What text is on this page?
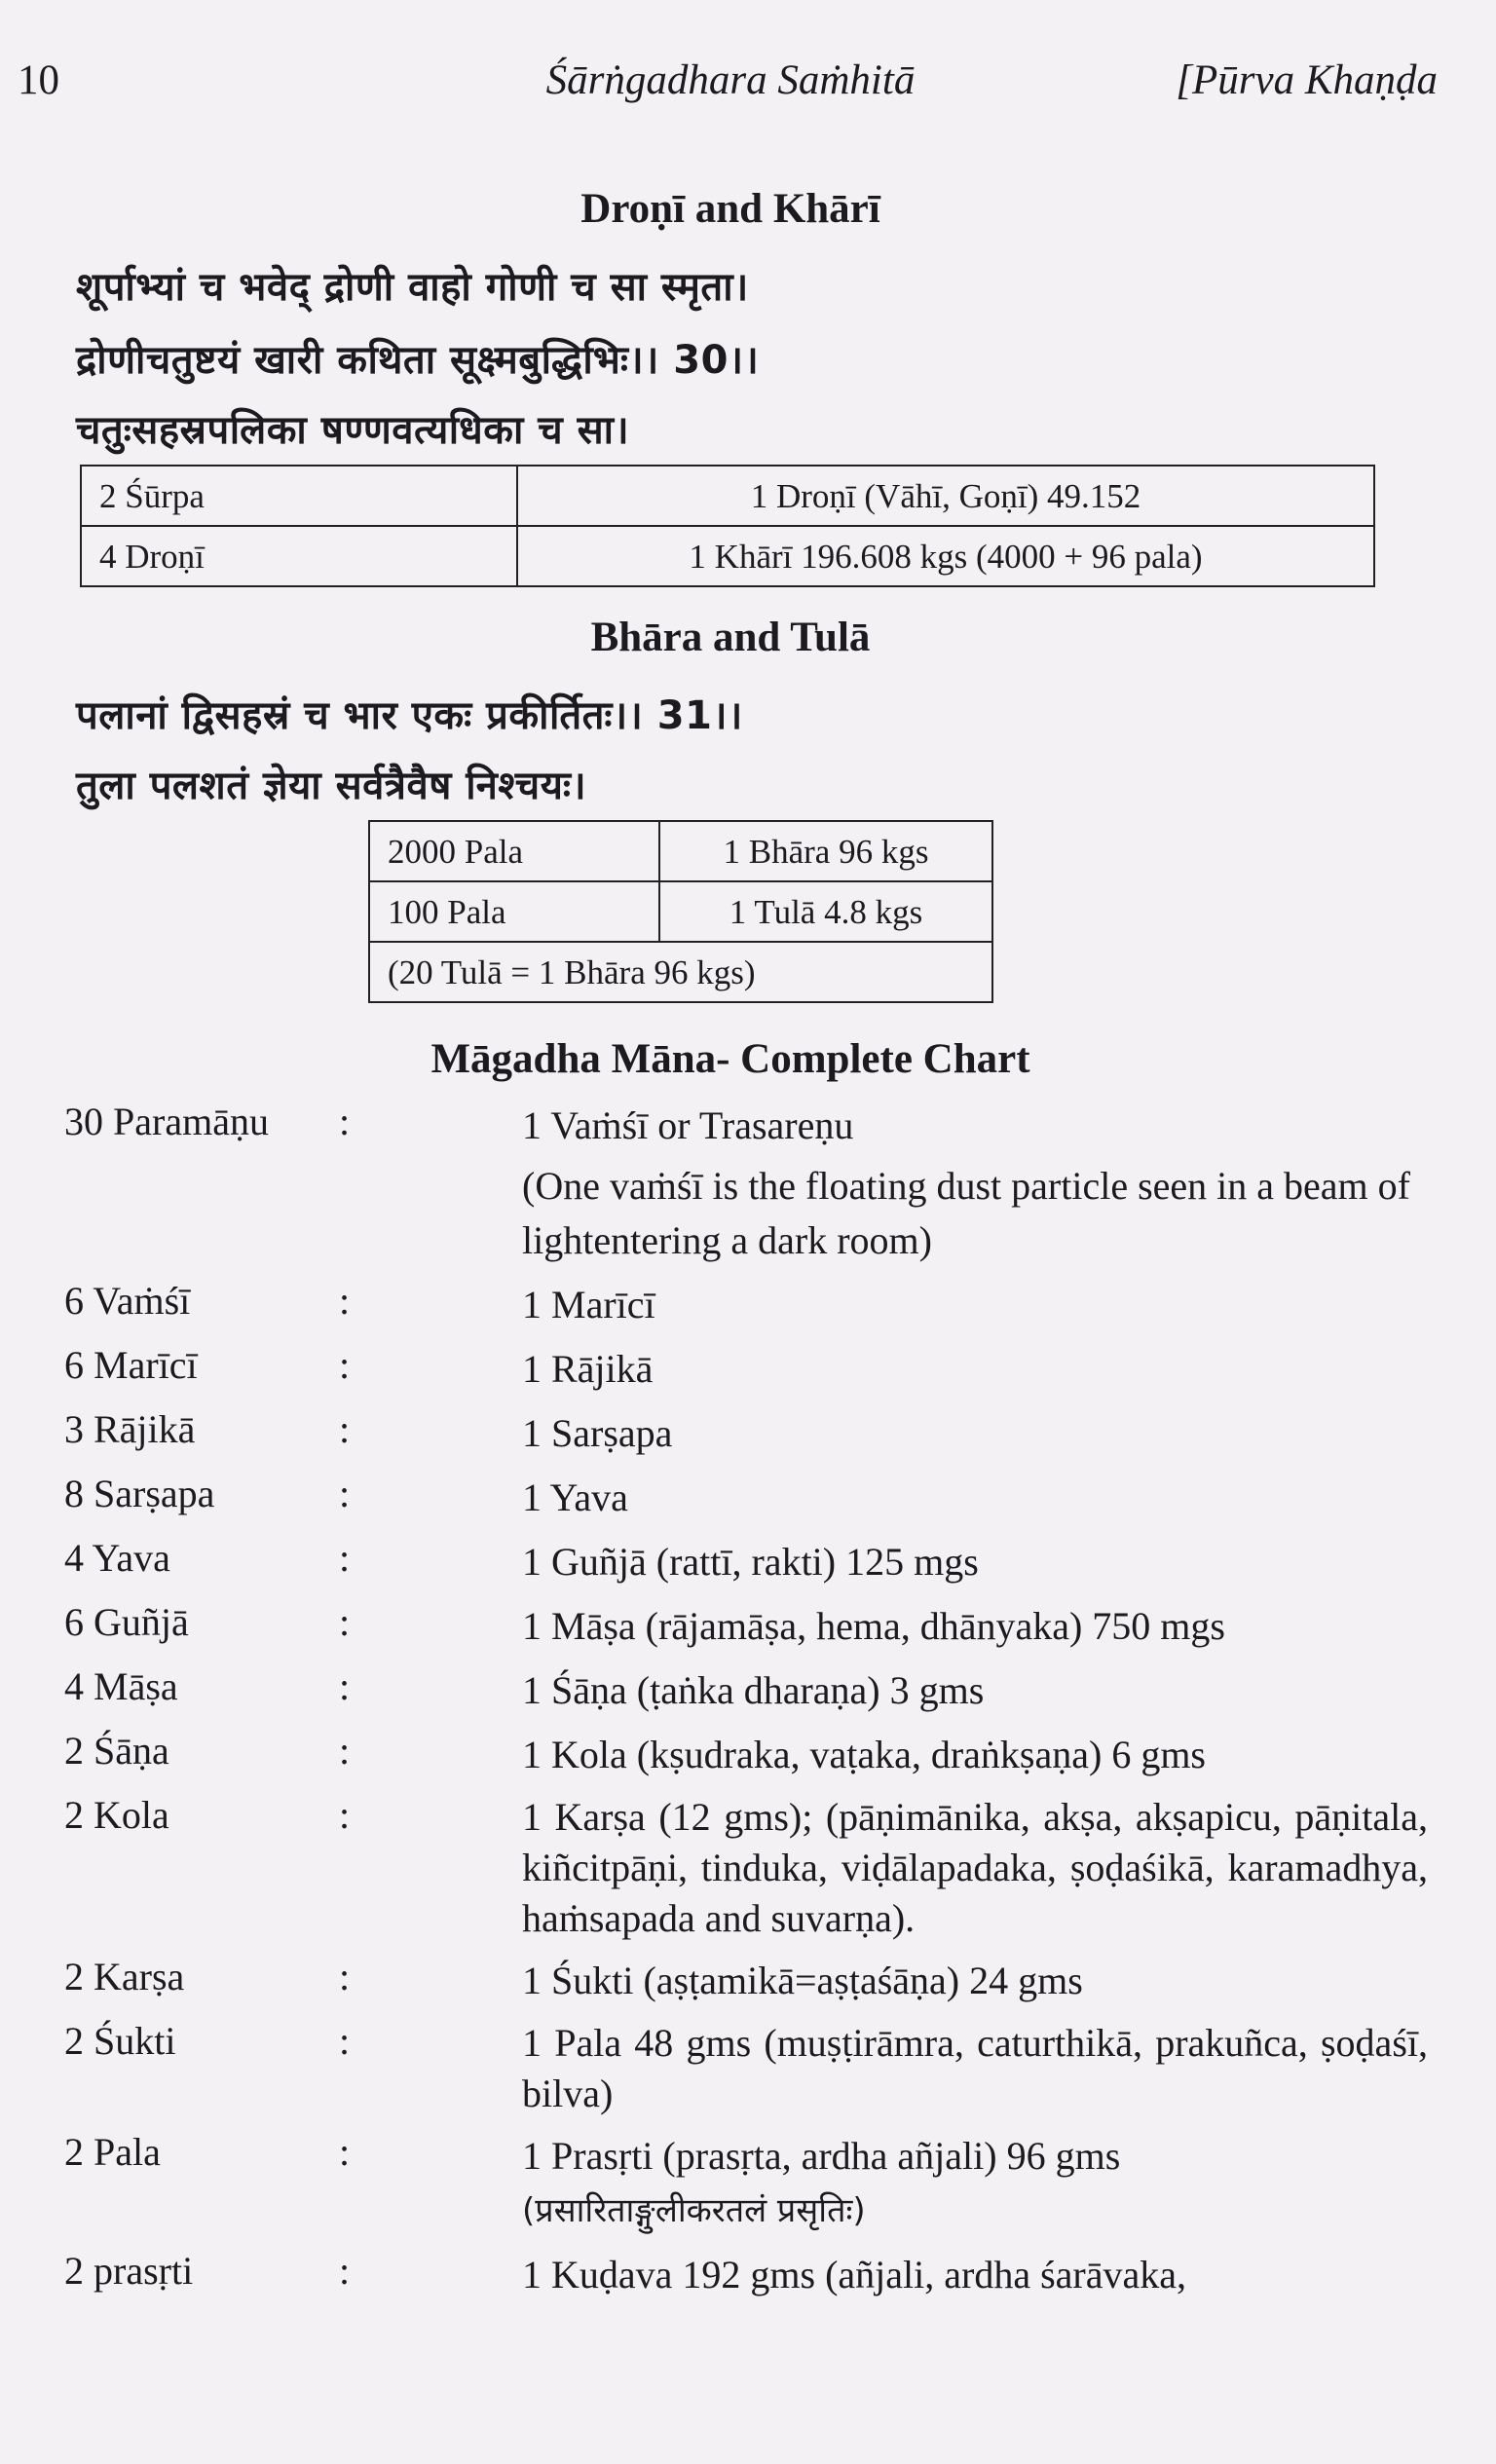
10	Śārṅgadhara Saṁhitā	[Pūrva Khaṇḍa
Droṇī and Khārī
शूर्पाभ्यां च भवेद् द्रोणी वाहो गोणी च सा स्मृता।
द्रोणीचतुष्टयं खारी कथिता सूक्ष्मबुद्धिभिः।। 30।।
चतुःसहस्रपलिका षण्णवत्यधिका च सा।
2 Śūrpa	1 Droṇī (Vāhī, Goṇī) 49.152
4 Droṇī	1 Khārī 196.608 kgs (4000 + 96 pala)
Bhāra and Tulā
पलानां द्विसहस्रं च भार एकः प्रकीर्तितः।। 31।।
तुला पलशतं ज्ञेया सर्वत्रैवैष निश्चयः।
2000 Pala	1 Bhāra 96 kgs
100 Pala	1 Tulā 4.8 kgs
(20 Tulā = 1 Bhāra 96 kgs)	
Māgadha Māna- Complete Chart
30 Paramāṇu :	1 Vaṁśī or Trasareṇu
(One vaṁśī is the floating dust particle seen in a beam of lightentering a dark room)
6 Vaṁśī	:	1 Marīcī
6 Marīcī	:	1 Rājikā
3 Rājikā	:	1 Sarṣapa
8 Sarṣapa	:	1 Yava
4 Yava	:	1 Guñjā (rattī, rakti) 125 mgs
6 Guñjā	:	1 Māṣa (rājamāṣa, hema, dhānyaka) 750 mgs
4 Māṣa	:	1 Śāṇa (ṭaṅka dharaṇa) 3 gms
2 Śāṇa	:	1 Kola (kṣudraka, vaṭaka, draṅkṣaṇa) 6 gms
2 Kola	:	1 Karṣa (12 gms); (pāṇimānika, akṣa, akṣapicu, pāṇitala, kiñcitpāṇi, tinduka, viḍālapadaka, ṣoḍaśikā, karamadhya, haṁsapada and suvarṇa).
2 Karṣa	:	1 Śukti (aṣṭamikā=aṣṭaśāṇa) 24 gms
2 Śukti	:	1 Pala 48 gms (muṣṭirāmra, caturthikā, prakuñca, ṣoḍaśī, bilva)
2 Pala	:	1 Prasṛti (prasṛta, ardha añjali) 96 gms
(प्रसारिताङ्गुलीकरतलं प्रसृतिः)
2 prasṛti	:	1 Kuḍava 192 gms (añjali, ardha śarāvaka,
